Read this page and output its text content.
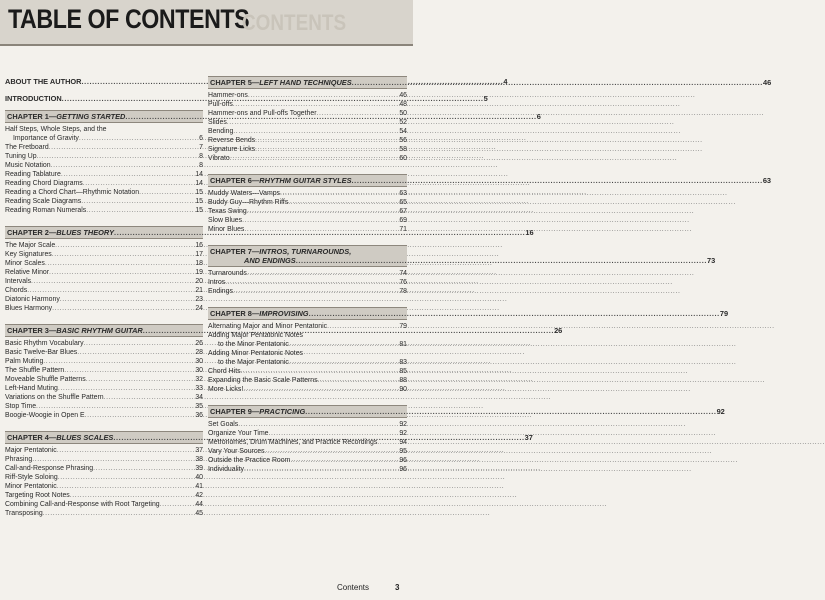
TABLE OF CONTENTS
CONTENTS
ABOUT THE AUTHOR .....	4
INTRODUCTION .....	5
CHAPTER 1— GETTING STARTED .....	6
Half Steps, Whole Steps, and the
Importance of Gravity .....	6
The Fretboard .....	7
Tuning Up .....	8
Music Notation .....	8
Reading Tablature .....	14
Reading Chord Diagrams .....	14
Reading a Chord Chart—Rhythmic Notation .....	15
Reading Scale Diagrams .....	15
Reading Roman Numerals .....	15
CHAPTER 2— BLUES THEORY .....	16
The Major Scale .....	16
Key Signatures .....	17
Minor Scales .....	18
Relative Minor .....	19
Intervals .....	20
Chords .....	21
Diatonic Harmony .....	23
Blues Harmony .....	24
CHAPTER 3— BASIC RHYTHM GUITAR .....	26
Basic Rhythm Vocabulary .....	26
Basic Twelve-Bar Blues .....	28
Palm Muting .....	30
The Shuffle Pattern .....	30
Moveable Shuffle Patterns .....	32
Left-Hand Muting .....	33
Variations on the Shuffle Pattern .....	34
Stop Time .....	35
Boogie-Woogie in Open E .....	36
CHAPTER 4— BLUES SCALES .....	37
Major Pentatonic .....	37
Phrasing .....	38
Call-and-Response Phrasing .....	39
Riff-Style Soloing .....	40
Minor Pentatonic .....	41
Targeting Root Notes .....	42
Combining Call-and-Response with Root Targeting .....	44
Transposing .....	45
CHAPTER 5— LEFT HAND TECHNIQUES .....	46
Hammer-ons .....	46
Pull-offs .....	48
Hammer-ons and Pull-offs Together .....	50
Slides .....	52
Bending .....	54
Reverse Bends .....	56
Signature Licks .....	58
Vibrato .....	60
CHAPTER 6— RHYTHM GUITAR STYLES .....	63
Muddy Waters—Vamps .....	63
Buddy Guy—Rhythm Riffs .....	65
Texas Swing .....	67
Slow Blues .....	69
Minor Blues .....	71
CHAPTER 7— INTROS, TURNAROUNDS,
AND ENDINGS .....	73
Turnarounds .....	74
Intros .....	76
Endings .....	78
CHAPTER 8— IMPROVISING .....	79
Alternating Major and Minor Pentatonic .....	79
Adding Major Pentatonic Notes
to the Minor Pentatonic .....	81
Adding Minor Pentatonic Notes
to the Major Pentatonic .....	83
Chord Hits .....	85
Expanding the Basic Scale Patterns .....	88
More Licks! .....	90
CHAPTER 9— PRACTICING .....	92
Set Goals .....	92
Organize Your Time .....	92
Metronomes, Drum Machines, and Practice Recordings .....	94
Vary Your Sources .....	95
Outside the Practice Room .....	96
Individuality .....	96
Contents	3
